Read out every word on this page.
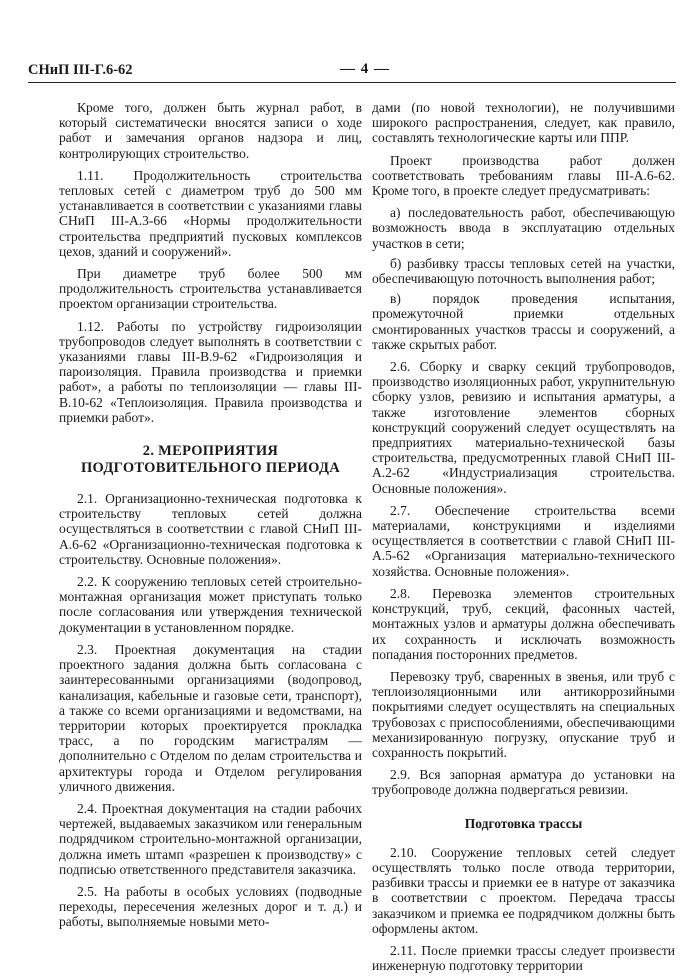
СНиП III-Г.6-62	— 4 —

Кроме того, должен быть журнал работ, в который систематически вносятся записи о ходе работ и замечания органов надзора и лиц, контролирующих строительство.

1.11. Продолжительность строительства тепловых сетей с диаметром труб до 500 мм устанавливается в соответствии с указаниями главы СНиП III-А.3-66 «Нормы продолжительности строительства предприятий пусковых комплексов цехов, зданий и сооружений».

При диаметре труб более 500 мм продолжительность строительства устанавливается проектом организации строительства.

1.12. Работы по устройству гидроизоляции трубопроводов следует выполнять в соответствии с указаниями главы III-В.9-62 «Гидроизоляция и пароизоляция. Правила производства и приемки работ», а работы по теплоизоляции — главы III-В.10-62 «Теплоизоляция. Правила производства и приемки работ».

2. МЕРОПРИЯТИЯ ПОДГОТОВИТЕЛЬНОГО ПЕРИОДА

2.1. Организационно-техническая подготовка к строительству тепловых сетей должна осуществляться в соответствии с главой СНиП III-А.6-62 «Организационно-техническая подготовка к строительству. Основные положения».

2.2. К сооружению тепловых сетей строительно-монтажная организация может приступать только после согласования или утверждения технической документации в установленном порядке.

2.3. Проектная документация на стадии проектного задания должна быть согласована с заинтересованными организациями (водопровод, канализация, кабельные и газовые сети, транспорт), а также со всеми организациями и ведомствами, на территории которых проектируется прокладка трасс, а по городским магистралям — дополнительно с Отделом по делам строительства и архитектуры города и Отделом регулирования уличного движения.

2.4. Проектная документация на стадии рабочих чертежей, выдаваемых заказчиком или генеральным подрядчиком строительно-монтажной организации, должна иметь штамп «разрешен к производству» с подписью ответственного представителя заказчика.

2.5. На работы в особых условиях (подводные переходы, пересечения железных дорог и т. д.) и работы, выполняемые новыми мето-

дами (по новой технологии), не получившими широкого распространения, следует, как правило, составлять технологические карты или ППР.

Проект производства работ должен соответствовать требованиям главы III-А.6-62. Кроме того, в проекте следует предусматривать:

а) последовательность работ, обеспечивающую возможность ввода в эксплуатацию отдельных участков в сети;

б) разбивку трассы тепловых сетей на участки, обеспечивающую поточность выполнения работ;

в) порядок проведения испытания, промежуточной приемки отдельных смонтированных участков трассы и сооружений, а также скрытых работ.

2.6. Сборку и сварку секций трубопроводов, производство изоляционных работ, укрупнительную сборку узлов, ревизию и испытания арматуры, а также изготовление элементов сборных конструкций сооружений следует осуществлять на предприятиях материально-технической базы строительства, предусмотренных главой СНиП III-А.2-62 «Индустриализация строительства. Основные положения».

2.7. Обеспечение строительства всеми материалами, конструкциями и изделиями осуществляется в соответствии с главой СНиП III-А.5-62 «Организация материально-технического хозяйства. Основные положения».

2.8. Перевозка элементов строительных конструкций, труб, секций, фасонных частей, монтажных узлов и арматуры должна обеспечивать их сохранность и исключать возможность попадания посторонних предметов.

Перевозку труб, сваренных в звенья, или труб с теплоизоляционными или антикоррозийными покрытиями следует осуществлять на специальных трубовозах с приспособлениями, обеспечивающими механизированную погрузку, опускание труб и сохранность покрытий.

2.9. Вся запорная арматура до установки на трубопроводе должна подвергаться ревизии.

Подготовка трассы

2.10. Сооружение тепловых сетей следует осуществлять только после отвода территории, разбивки трассы и приемки ее в натуре от заказчика в соответствии с проектом. Передача трассы заказчиком и приемка ее подрядчиком должны быть оформлены актом.

2.11. После приемки трассы следует произвести инженерную подготовку территории
